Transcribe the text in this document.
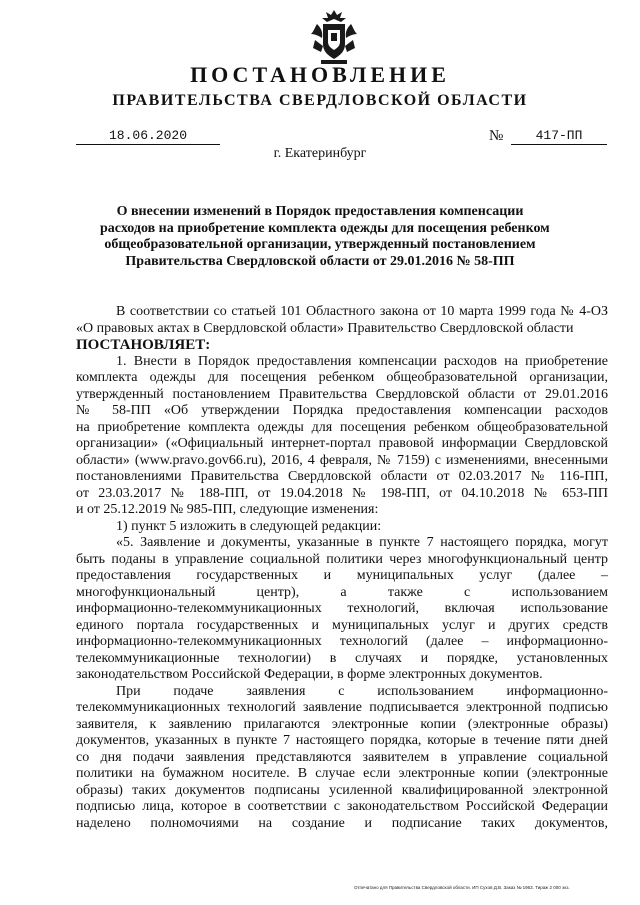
ПОСТАНОВЛЕНИЕ
ПРАВИТЕЛЬСТВА СВЕРДЛОВСКОЙ ОБЛАСТИ
18.06.2020	№	417-ПП
г. Екатеринбург
О внесении изменений в Порядок предоставления компенсации
расходов на приобретение комплекта одежды для посещения ребенком
общеобразовательной организации, утвержденный постановлением
Правительства Свердловской области от 29.01.2016 № 58-ПП
В соответствии со статьей 101 Областного закона от 10 марта 1999 года № 4-ОЗ
«О правовых актах в Свердловской области» Правительство Свердловской области
ПОСТАНОВЛЯЕТ:
1. Внести в Порядок предоставления компенсации расходов на приобретение
комплекта одежды для посещения ребенком общеобразовательной организации,
утвержденный постановлением Правительства Свердловской области от 29.01.2016
№ 58-ПП «Об утверждении Порядка предоставления компенсации расходов
на приобретение комплекта одежды для посещения ребенком общеобразовательной
организации» («Официальный интернет-портал правовой информации Свердловской
области» (www.pravo.gov66.ru), 2016, 4 февраля, № 7159) с изменениями, внесенными
постановлениями Правительства Свердловской области от 02.03.2017 № 116-ПП,
от 23.03.2017 № 188-ПП, от 19.04.2018 № 198-ПП, от 04.10.2018 № 653-ПП
и от 25.12.2019 № 985-ПП, следующие изменения:
1) пункт 5 изложить в следующей редакции:
«5. Заявление и документы, указанные в пункте 7 настоящего порядка, могут
быть поданы в управление социальной политики через многофункциональный центр
предоставления государственных и муниципальных услуг (далее –
многофункциональный центр), а также с использованием
информационно-телекоммуникационных технологий, включая использование
единого портала государственных и муниципальных услуг и других средств
информационно-телекоммуникационных технологий (далее – информационно-
телекоммуникационные технологии) в случаях и порядке, установленных
законодательством Российской Федерации, в форме электронных документов.
При подаче заявления с использованием информационно-
телекоммуникационных технологий заявление подписывается электронной подписью
заявителя, к заявлению прилагаются электронные копии (электронные образы)
документов, указанных в пункте 7 настоящего порядка, которые в течение пяти дней
со дня подачи заявления представляются заявителем в управление социальной
политики на бумажном носителе. В случае если электронные копии (электронные
образы) таких документов подписаны усиленной квалифицированной электронной
подписью лица, которое в соответствии с законодательством Российской Федерации
наделено полномочиями на создание и подписание таких документов,
Отпечатано для Правительства Свердловской области. ИП Сухов Д.В. Заказ № 1963. Тираж 2 000 экз.
